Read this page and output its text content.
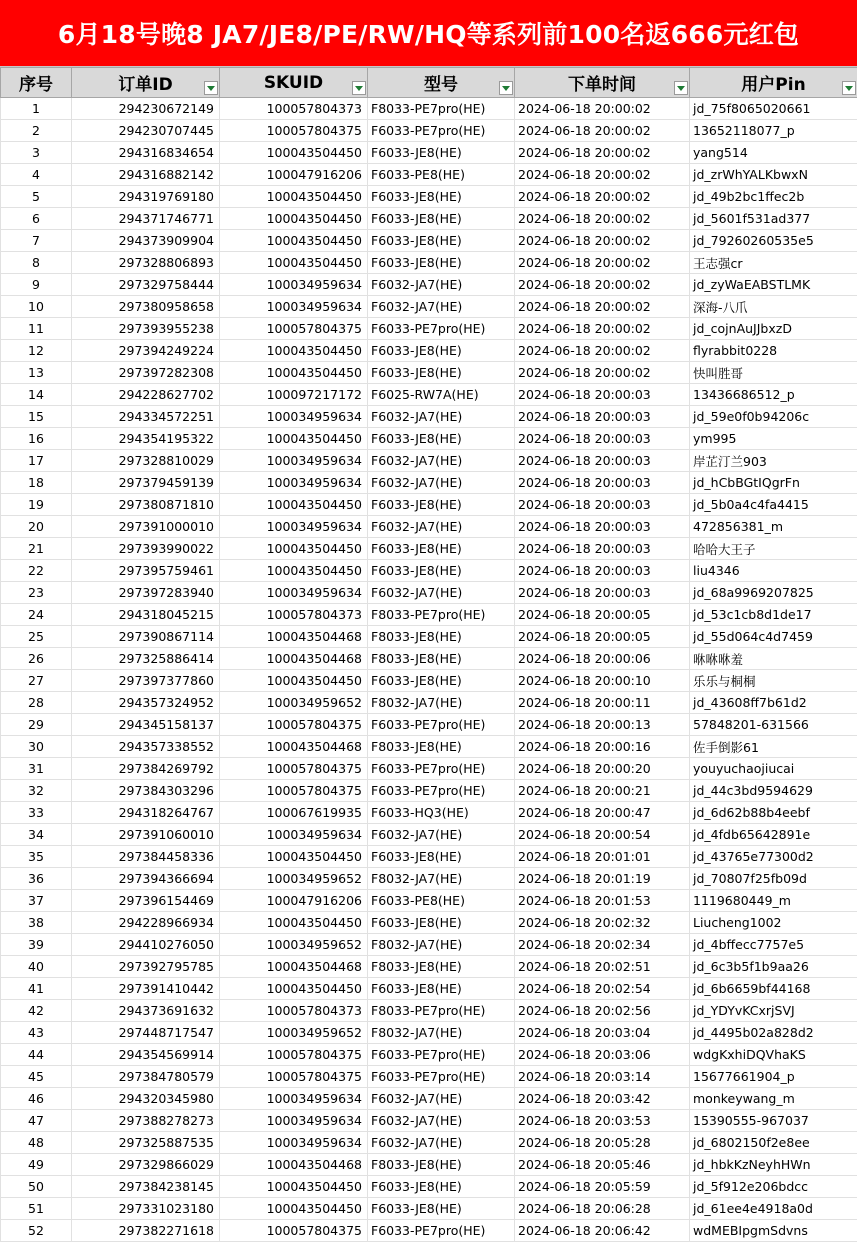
6月18号晚8 JA7/JE8/PE/RW/HQ等系列前100名返666元红包
序号	订单ID	SKUID	型号	下单时间	用户Pin

1	294230672149	100057804373	F8033-PE7pro(HE)	2024-06-18 20:00:02	jd_75f8065020661
2	294230707445	100057804375	F6033-PE7pro(HE)	2024-06-18 20:00:02	13652118077_p
3	294316834654	100043504450	F6033-JE8(HE)	2024-06-18 20:00:02	yang514
4	294316882142	100047916206	F6033-PE8(HE)	2024-06-18 20:00:02	jd_zrWhYALKbwxN
5	294319769180	100043504450	F6033-JE8(HE)	2024-06-18 20:00:02	jd_49b2bc1ffec2b
6	294371746771	100043504450	F6033-JE8(HE)	2024-06-18 20:00:02	jd_5601f531ad377
7	294373909904	100043504450	F6033-JE8(HE)	2024-06-18 20:00:02	jd_79260260535e5
8	297328806893	100043504450	F6033-JE8(HE)	2024-06-18 20:00:02	王志强cr
9	297329758444	100034959634	F6032-JA7(HE)	2024-06-18 20:00:02	jd_zyWaEABSTLMK
10	297380958658	100034959634	F6032-JA7(HE)	2024-06-18 20:00:02	深海-八爪
11	297393955238	100057804375	F6033-PE7pro(HE)	2024-06-18 20:00:02	jd_cojnAuJJbxzD
12	297394249224	100043504450	F6033-JE8(HE)	2024-06-18 20:00:02	flyrabbit0228
13	297397282308	100043504450	F6033-JE8(HE)	2024-06-18 20:00:02	快叫胜哥
14	294228627702	100097217172	F6025-RW7A(HE)	2024-06-18 20:00:03	13436686512_p
15	294334572251	100034959634	F6032-JA7(HE)	2024-06-18 20:00:03	jd_59e0f0b94206c
16	294354195322	100043504450	F6033-JE8(HE)	2024-06-18 20:00:03	ym995
17	297328810029	100034959634	F6032-JA7(HE)	2024-06-18 20:00:03	岸芷汀兰903
18	297379459139	100034959634	F6032-JA7(HE)	2024-06-18 20:00:03	jd_hCbBGtIQgrFn
19	297380871810	100043504450	F6033-JE8(HE)	2024-06-18 20:00:03	jd_5b0a4c4fa4415
20	297391000010	100034959634	F6032-JA7(HE)	2024-06-18 20:00:03	472856381_m
21	297393990022	100043504450	F6033-JE8(HE)	2024-06-18 20:00:03	哈哈大王子
22	297395759461	100043504450	F6033-JE8(HE)	2024-06-18 20:00:03	liu4346
23	297397283940	100034959634	F6032-JA7(HE)	2024-06-18 20:00:03	jd_68a9969207825
24	294318045215	100057804373	F8033-PE7pro(HE)	2024-06-18 20:00:05	jd_53c1cb8d1de17
25	297390867114	100043504468	F8033-JE8(HE)	2024-06-18 20:00:05	jd_55d064c4d7459
26	297325886414	100043504468	F8033-JE8(HE)	2024-06-18 20:00:06	咻咻咻羞
27	297397377860	100043504450	F6033-JE8(HE)	2024-06-18 20:00:10	乐乐与桐桐
28	294357324952	100034959652	F8032-JA7(HE)	2024-06-18 20:00:11	jd_43608ff7b61d2
29	294345158137	100057804375	F6033-PE7pro(HE)	2024-06-18 20:00:13	57848201-631566
30	294357338552	100043504468	F8033-JE8(HE)	2024-06-18 20:00:16	佐手倒影61
31	297384269792	100057804375	F6033-PE7pro(HE)	2024-06-18 20:00:20	youyuchaojiucai
32	297384303296	100057804375	F6033-PE7pro(HE)	2024-06-18 20:00:21	jd_44c3bd9594629
33	294318264767	100067619935	F6033-HQ3(HE)	2024-06-18 20:00:47	jd_6d62b88b4eebf
34	297391060010	100034959634	F6032-JA7(HE)	2024-06-18 20:00:54	jd_4fdb65642891e
35	297384458336	100043504450	F6033-JE8(HE)	2024-06-18 20:01:01	jd_43765e77300d2
36	297394366694	100034959652	F8032-JA7(HE)	2024-06-18 20:01:19	jd_70807f25fb09d
37	297396154469	100047916206	F6033-PE8(HE)	2024-06-18 20:01:53	1119680449_m
38	294228966934	100043504450	F6033-JE8(HE)	2024-06-18 20:02:32	Liucheng1002
39	294410276050	100034959652	F8032-JA7(HE)	2024-06-18 20:02:34	jd_4bffecc7757e5
40	297392795785	100043504468	F8033-JE8(HE)	2024-06-18 20:02:51	jd_6c3b5f1b9aa26
41	297391410442	100043504450	F6033-JE8(HE)	2024-06-18 20:02:54	jd_6b6659bf44168
42	294373691632	100057804373	F8033-PE7pro(HE)	2024-06-18 20:02:56	jd_YDYvKCxrjSVJ
43	297448717547	100034959652	F8032-JA7(HE)	2024-06-18 20:03:04	jd_4495b02a828d2
44	294354569914	100057804375	F6033-PE7pro(HE)	2024-06-18 20:03:06	wdgKxhiDQVhaKS
45	297384780579	100057804375	F6033-PE7pro(HE)	2024-06-18 20:03:14	15677661904_p
46	294320345980	100034959634	F6032-JA7(HE)	2024-06-18 20:03:42	monkeywang_m
47	297388278273	100034959634	F6032-JA7(HE)	2024-06-18 20:03:53	15390555-967037
48	297325887535	100034959634	F6032-JA7(HE)	2024-06-18 20:05:28	jd_6802150f2e8ee
49	297329866029	100043504468	F8033-JE8(HE)	2024-06-18 20:05:46	jd_hbkKzNeyhHWn
50	297384238145	100043504450	F6033-JE8(HE)	2024-06-18 20:05:59	jd_5f912e206bdcc
51	297331023180	100043504450	F6033-JE8(HE)	2024-06-18 20:06:28	jd_61ee4e4918a0d
52	297382271618	100057804375	F6033-PE7pro(HE)	2024-06-18 20:06:42	wdMEBIpgmSdvns
